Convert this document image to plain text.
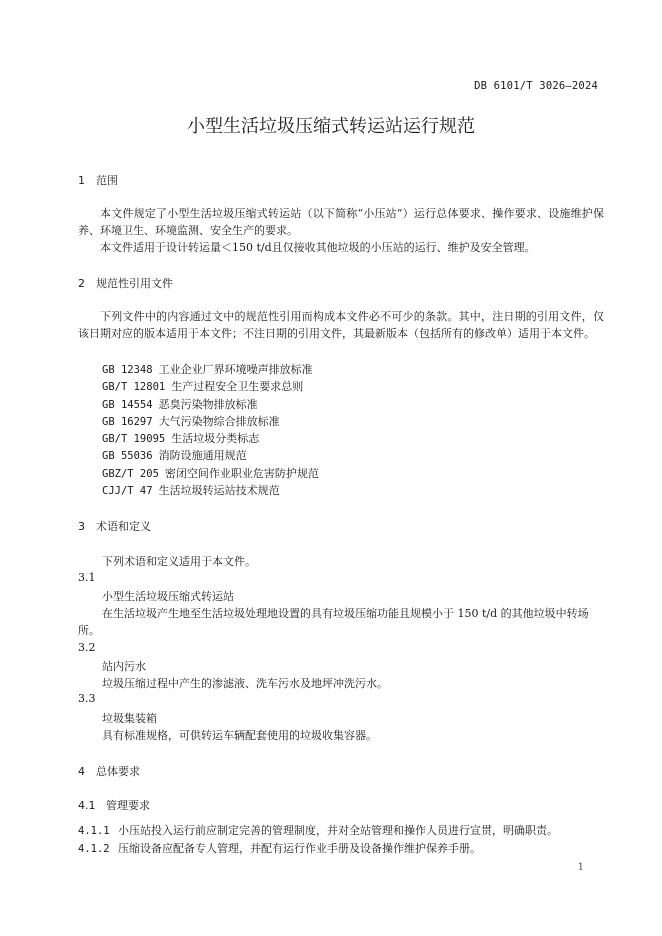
DB 6101/T 3026—2024
小型生活垃圾压缩式转运站运行规范
1 范围
本文件规定了小型生活垃圾压缩式转运站（以下简称“小压站”）运行总体要求、操作要求、设施维护保养、环境卫生、环境监测、安全生产的要求。
本文件适用于设计转运量＜150 t/d且仅接收其他垃圾的小压站的运行、维护及安全管理。
2 规范性引用文件
下列文件中的内容通过文中的规范性引用而构成本文件必不可少的条款。其中，注日期的引用文件，仅该日期对应的版本适用于本文件；不注日期的引用文件，其最新版本（包括所有的修改单）适用于本文件。
GB 12348 工业企业厂界环境噪声排放标准
GB/T 12801 生产过程安全卫生要求总则
GB 14554 恶臭污染物排放标准
GB 16297 大气污染物综合排放标准
GB/T 19095 生活垃圾分类标志
GB 55036 消防设施通用规范
GBZ/T 205 密闭空间作业职业危害防护规范
CJJ/T 47 生活垃圾转运站技术规范
3 术语和定义
下列术语和定义适用于本文件。
3.1
小型生活垃圾压缩式转运站
在生活垃圾产生地至生活垃圾处理地设置的具有垃圾压缩功能且规模小于 150 t/d 的其他垃圾中转场所。
3.2
站内污水
垃圾压缩过程中产生的渗滤液、洗车污水及地坪冲洗污水。
3.3
垃圾集装箱
具有标准规格，可供转运车辆配套使用的垃圾收集容器。
4 总体要求
4.1 管理要求
4.1.1 小压站投入运行前应制定完善的管理制度，并对全站管理和操作人员进行宣贯，明确职责。
4.1.2 压缩设备应配备专人管理，并配有运行作业手册及设备操作维护保养手册。
1
